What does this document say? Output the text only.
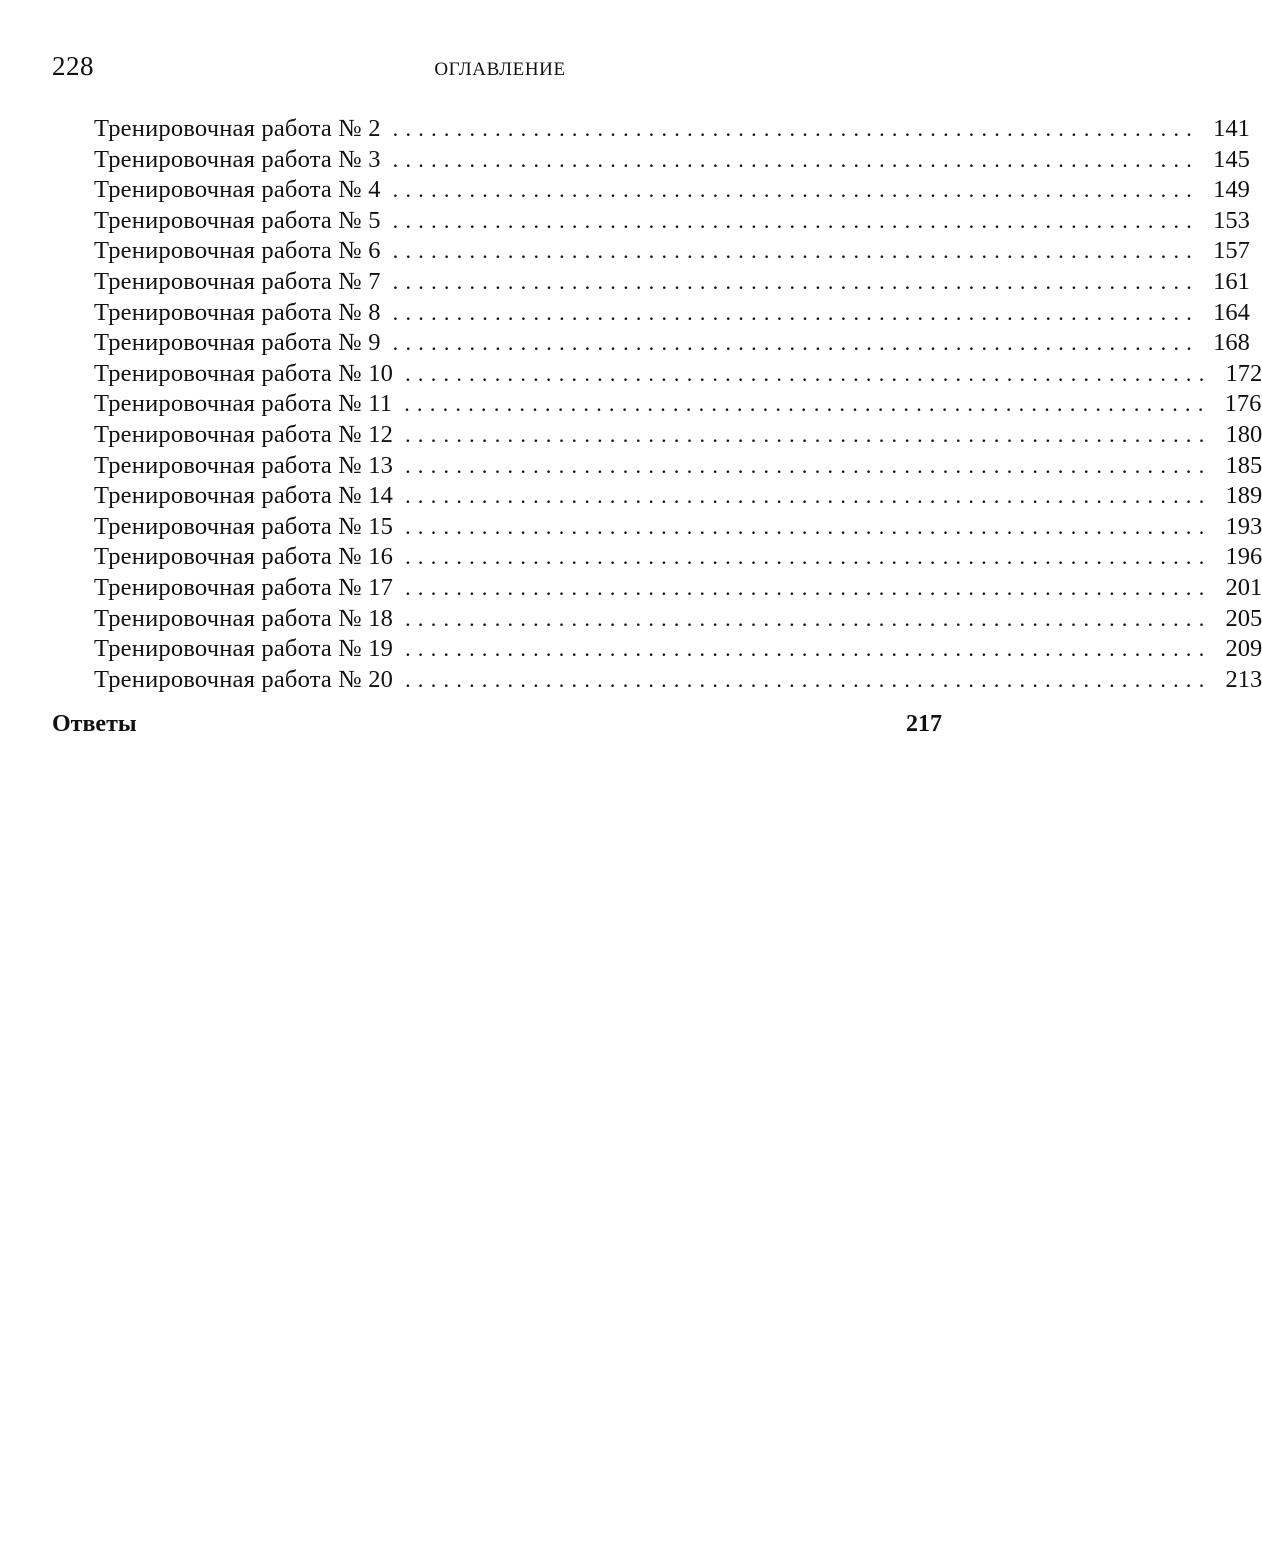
228	ОГЛАВЛЕНИЕ
Тренировочная работа № 2 ............................................................... 141
Тренировочная работа № 3 ............................................................... 145
Тренировочная работа № 4 ............................................................... 149
Тренировочная работа № 5 ............................................................... 153
Тренировочная работа № 6 ............................................................... 157
Тренировочная работа № 7 ............................................................... 161
Тренировочная работа № 8 ............................................................... 164
Тренировочная работа № 9 ............................................................... 168
Тренировочная работа № 10 ............................................................... 172
Тренировочная работа № 11 ............................................................... 176
Тренировочная работа № 12 ............................................................... 180
Тренировочная работа № 13 ............................................................... 185
Тренировочная работа № 14 ............................................................... 189
Тренировочная работа № 15 ............................................................... 193
Тренировочная работа № 16 ............................................................... 196
Тренировочная работа № 17 ............................................................... 201
Тренировочная работа № 18 ............................................................... 205
Тренировочная работа № 19 ............................................................... 209
Тренировочная работа № 20 ............................................................... 213
Ответы	217
